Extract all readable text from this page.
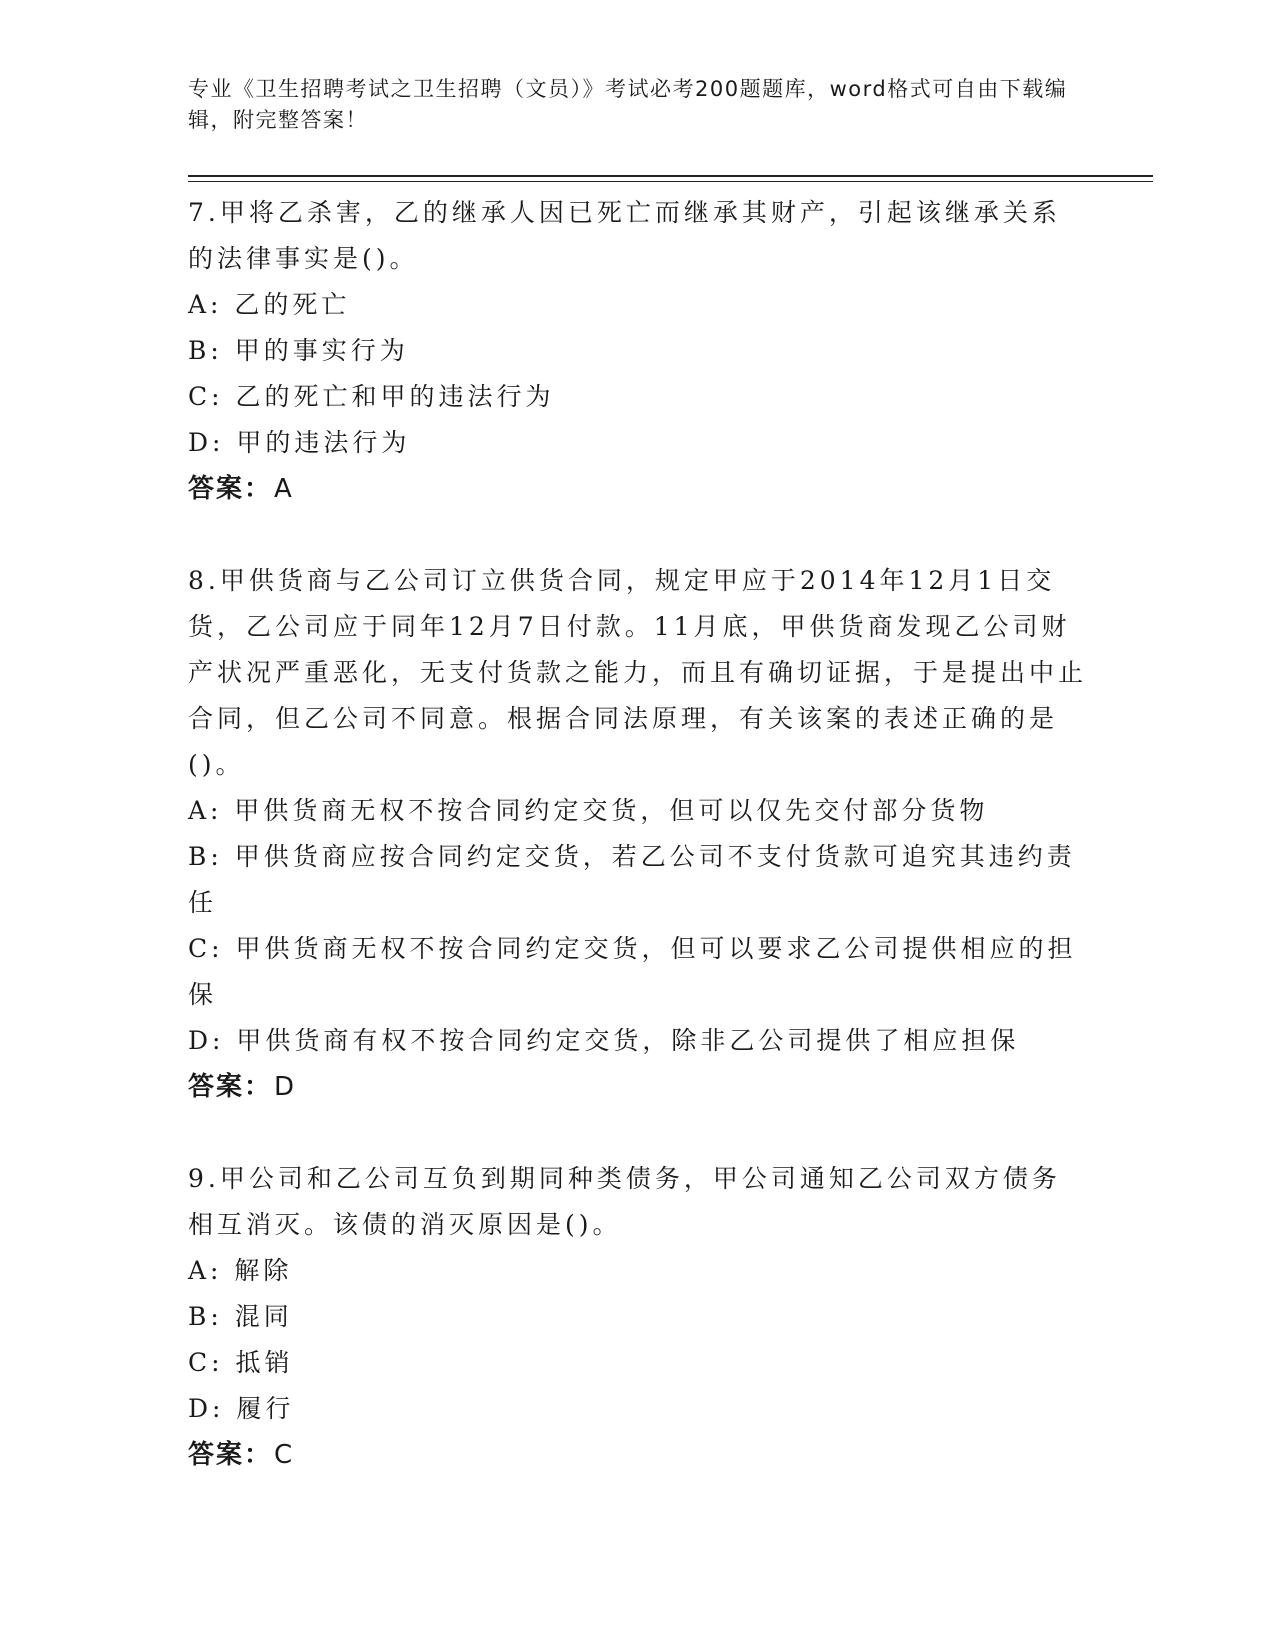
专业《卫生招聘考试之卫生招聘（文员）》考试必考200题题库，word格式可自由下载编辑，附完整答案！

7.甲将乙杀害，乙的继承人因已死亡而继承其财产，引起该继承关系的法律事实是()。

A: 乙的死亡

B: 甲的事实行为

C: 乙的死亡和甲的违法行为

D: 甲的违法行为

答案：A

8.甲供货商与乙公司订立供货合同，规定甲应于2014年12月1日交货，乙公司应于同年12月7日付款。11月底，甲供货商发现乙公司财产状况严重恶化，无支付货款之能力，而且有确切证据，于是提出中止合同，但乙公司不同意。根据合同法原理，有关该案的表述正确的是()。

A: 甲供货商无权不按合同约定交货，但可以仅先交付部分货物

B: 甲供货商应按合同约定交货，若乙公司不支付货款可追究其违约责任

C: 甲供货商无权不按合同约定交货，但可以要求乙公司提供相应的担保

D: 甲供货商有权不按合同约定交货，除非乙公司提供了相应担保

答案：D

9.甲公司和乙公司互负到期同种类债务，甲公司通知乙公司双方债务相互消灭。该债的消灭原因是()。

A: 解除

B: 混同

C: 抵销

D: 履行

答案：C
